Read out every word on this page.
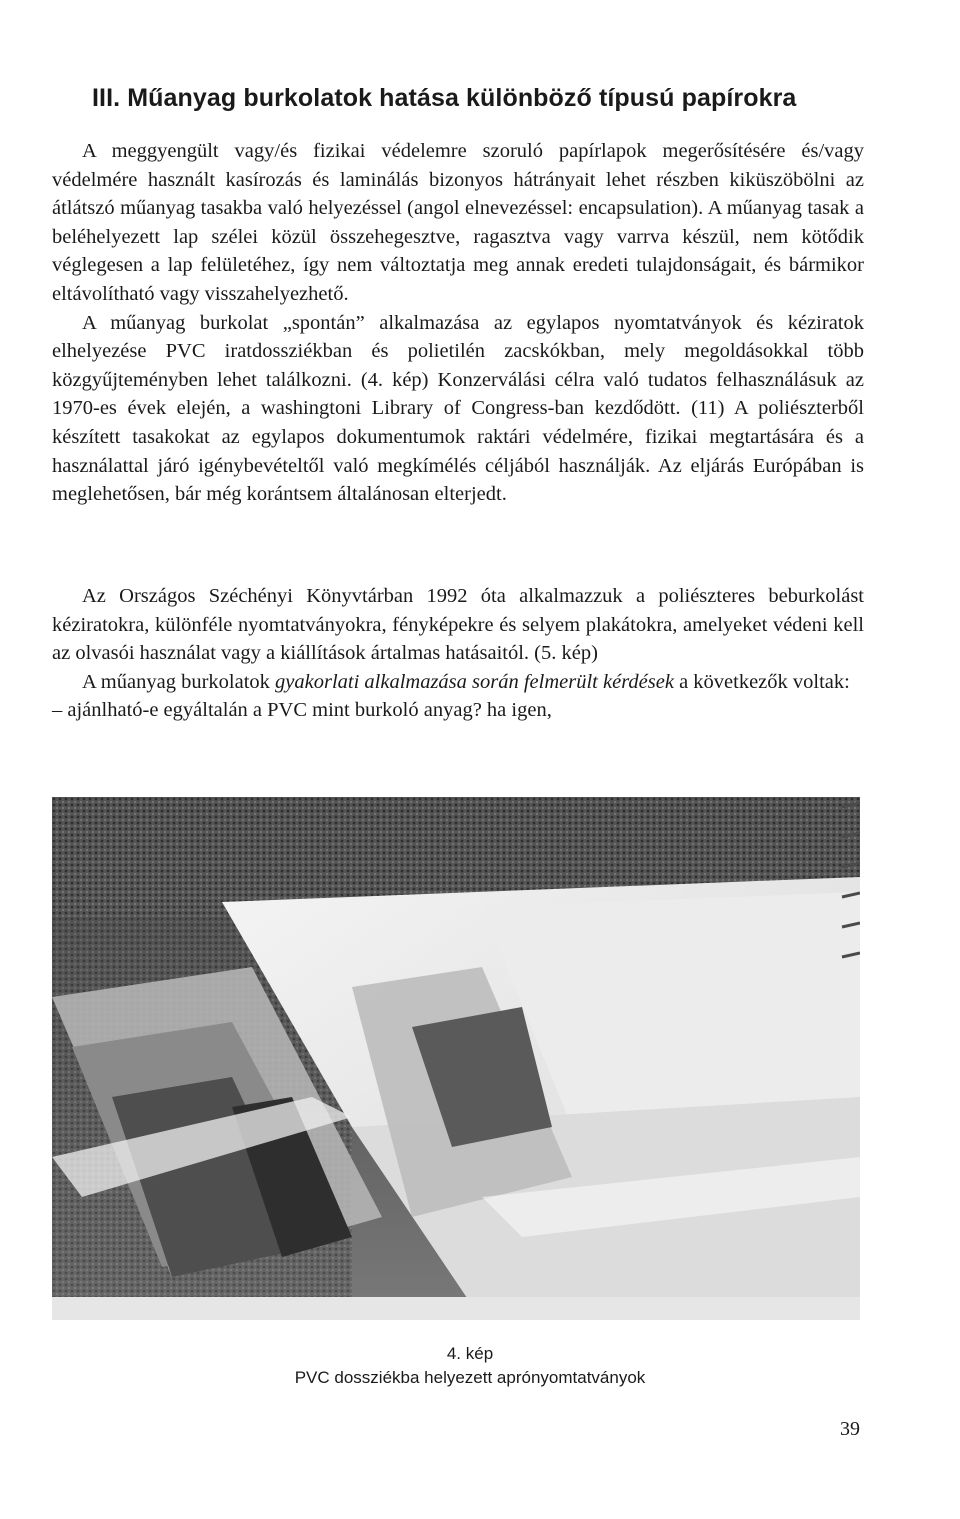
III. Műanyag burkolatok hatása különböző típusú papírokra

A meggyengült vagy/és fizikai védelemre szoruló papírlapok megerősítésére és/vagy védelmére használt kasírozás és laminálás bizonyos hátrányait lehet részben kiküszöbölni az átlátszó műanyag tasakba való helyezéssel (angol elnevezéssel: encapsulation). A műanyag tasak a beléhelyezett lap szélei közül összehegesztve, ragasztva vagy varrva készül, nem kötődik véglegesen a lap felületéhez, így nem változtatja meg annak eredeti tulajdonságait, és bármikor eltávolítható vagy visszahelyezhető.

A műanyag burkolat „spontán” alkalmazása az egylapos nyomtatványok és kéziratok elhelyezése PVC iratdossziékban és polietilén zacskókban, mely megoldásokkal több közgyűjteményben lehet találkozni. (4. kép) Konzerválási célra való tudatos felhasználásuk az 1970-es évek elején, a washingtoni Library of Congress-ban kezdődött. (11) A poliészterből készített tasakokat az egylapos dokumentumok raktári védelmére, fizikai megtartására és a használattal járó igénybevételtől való megkímélés céljából használják. Az eljárás Európában is meglehetősen, bár még korántsem általánosan elterjedt.

Az Országos Széchényi Könyvtárban 1992 óta alkalmazzuk a poliészteres beburkolást kéziratokra, különféle nyomtatványokra, fényképekre és selyem plakátokra, amelyeket védeni kell az olvasói használat vagy a kiállítások ártalmas hatásaitól. (5. kép)

A műanyag burkolatok gyakorlati alkalmazása során felmerült kérdések a következők voltak:

– ajánlható-e egyáltalán a PVC mint burkoló anyag? ha igen,

4. kép
PVC dossziékba helyezett aprónyomtatványok
39
